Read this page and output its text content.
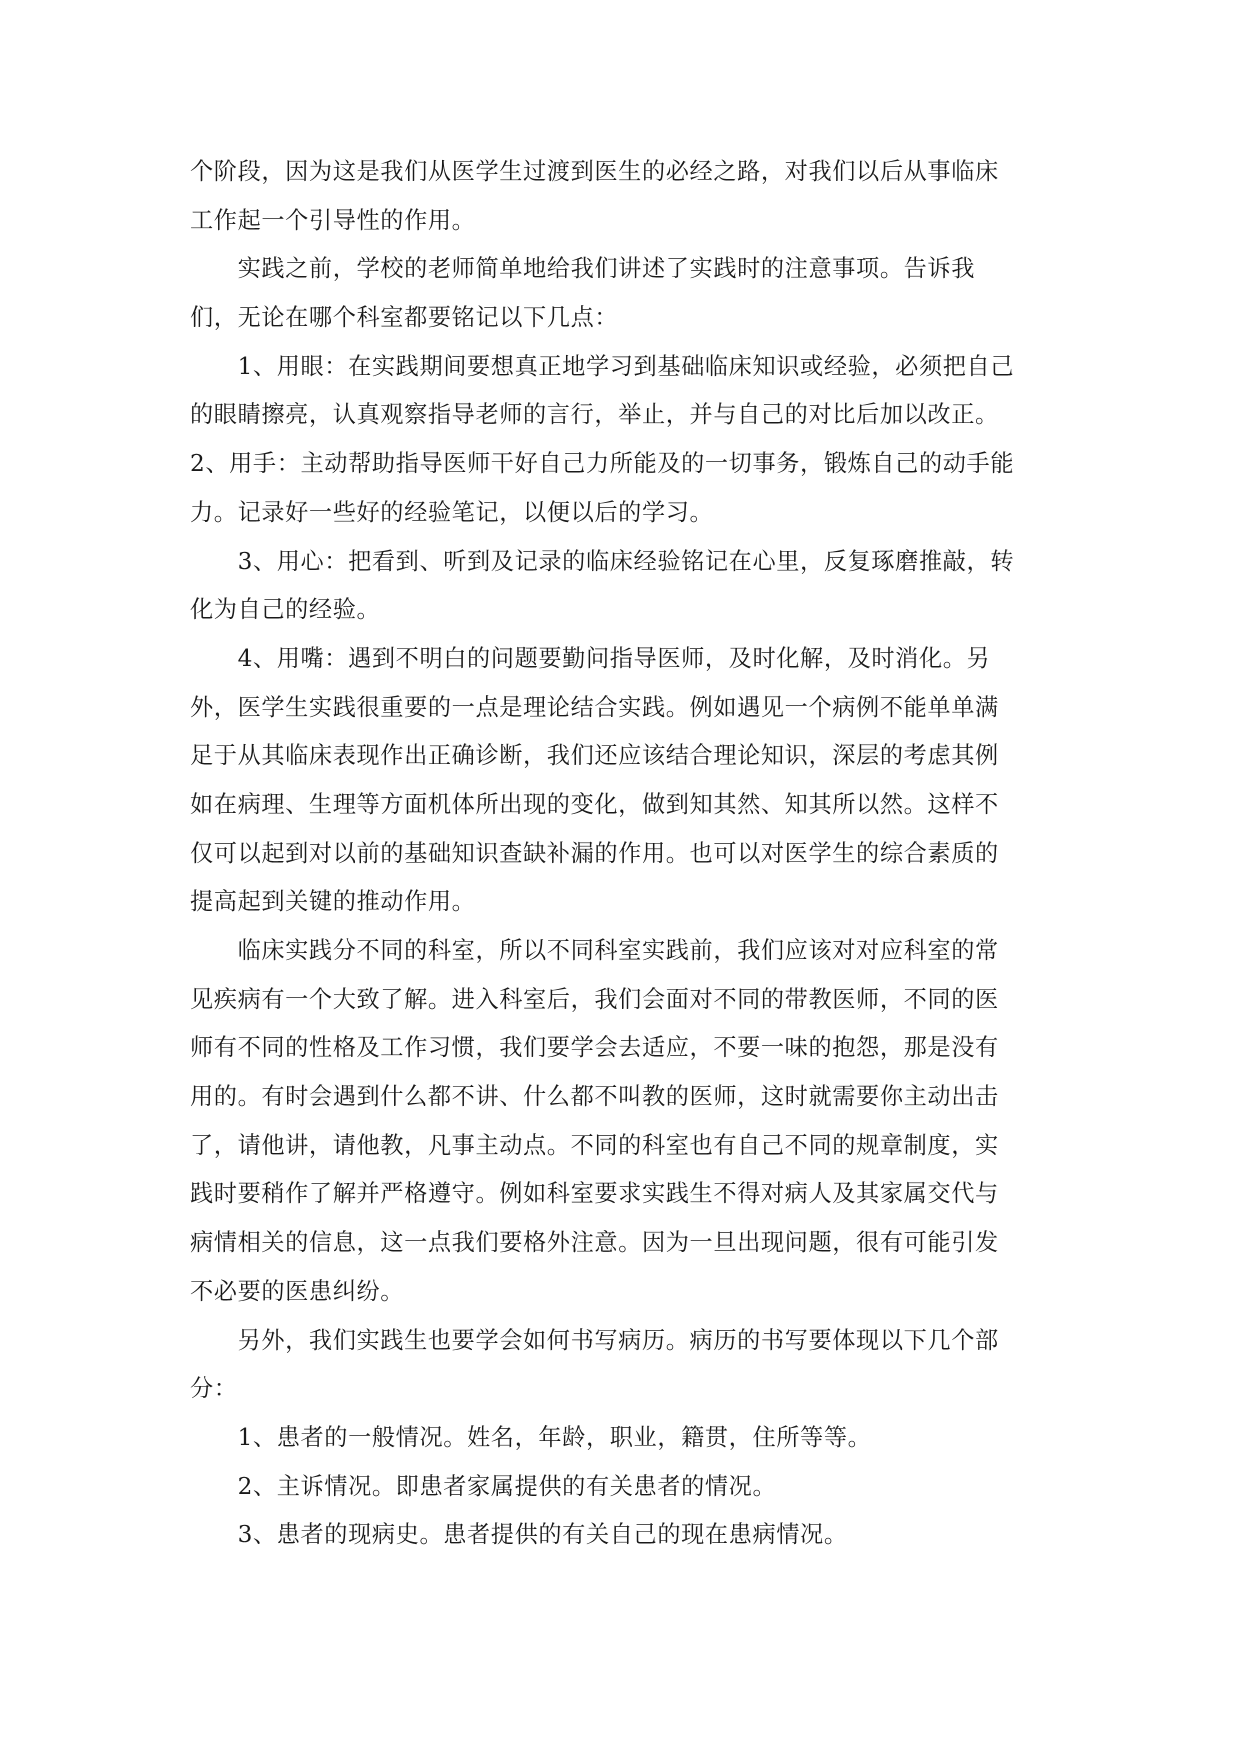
个阶段，因为这是我们从医学生过渡到医生的必经之路，对我们以后从事临床
工作起一个引导性的作用。
　　实践之前，学校的老师简单地给我们讲述了实践时的注意事项。告诉我
们，无论在哪个科室都要铭记以下几点：
　　1、用眼：在实践期间要想真正地学习到基础临床知识或经验，必须把自己
的眼睛擦亮，认真观察指导老师的言行，举止，并与自己的对比后加以改正。
2、用手：主动帮助指导医师干好自己力所能及的一切事务，锻炼自己的动手能
力。记录好一些好的经验笔记，以便以后的学习。
　　3、用心：把看到、听到及记录的临床经验铭记在心里，反复琢磨推敲，转
化为自己的经验。
　　4、用嘴：遇到不明白的问题要勤问指导医师，及时化解，及时消化。另
外，医学生实践很重要的一点是理论结合实践。例如遇见一个病例不能单单满
足于从其临床表现作出正确诊断，我们还应该结合理论知识，深层的考虑其例
如在病理、生理等方面机体所出现的变化，做到知其然、知其所以然。这样不
仅可以起到对以前的基础知识查缺补漏的作用。也可以对医学生的综合素质的
提高起到关键的推动作用。
　　临床实践分不同的科室，所以不同科室实践前，我们应该对对应科室的常
见疾病有一个大致了解。进入科室后，我们会面对不同的带教医师，不同的医
师有不同的性格及工作习惯，我们要学会去适应，不要一味的抱怨，那是没有
用的。有时会遇到什么都不讲、什么都不叫教的医师，这时就需要你主动出击
了，请他讲，请他教，凡事主动点。不同的科室也有自己不同的规章制度，实
践时要稍作了解并严格遵守。例如科室要求实践生不得对病人及其家属交代与
病情相关的信息，这一点我们要格外注意。因为一旦出现问题，很有可能引发
不必要的医患纠纷。
　　另外，我们实践生也要学会如何书写病历。病历的书写要体现以下几个部
分：
　　1、患者的一般情况。姓名，年龄，职业，籍贯，住所等等。
　　2、主诉情况。即患者家属提供的有关患者的情况。
　　3、患者的现病史。患者提供的有关自己的现在患病情况。
